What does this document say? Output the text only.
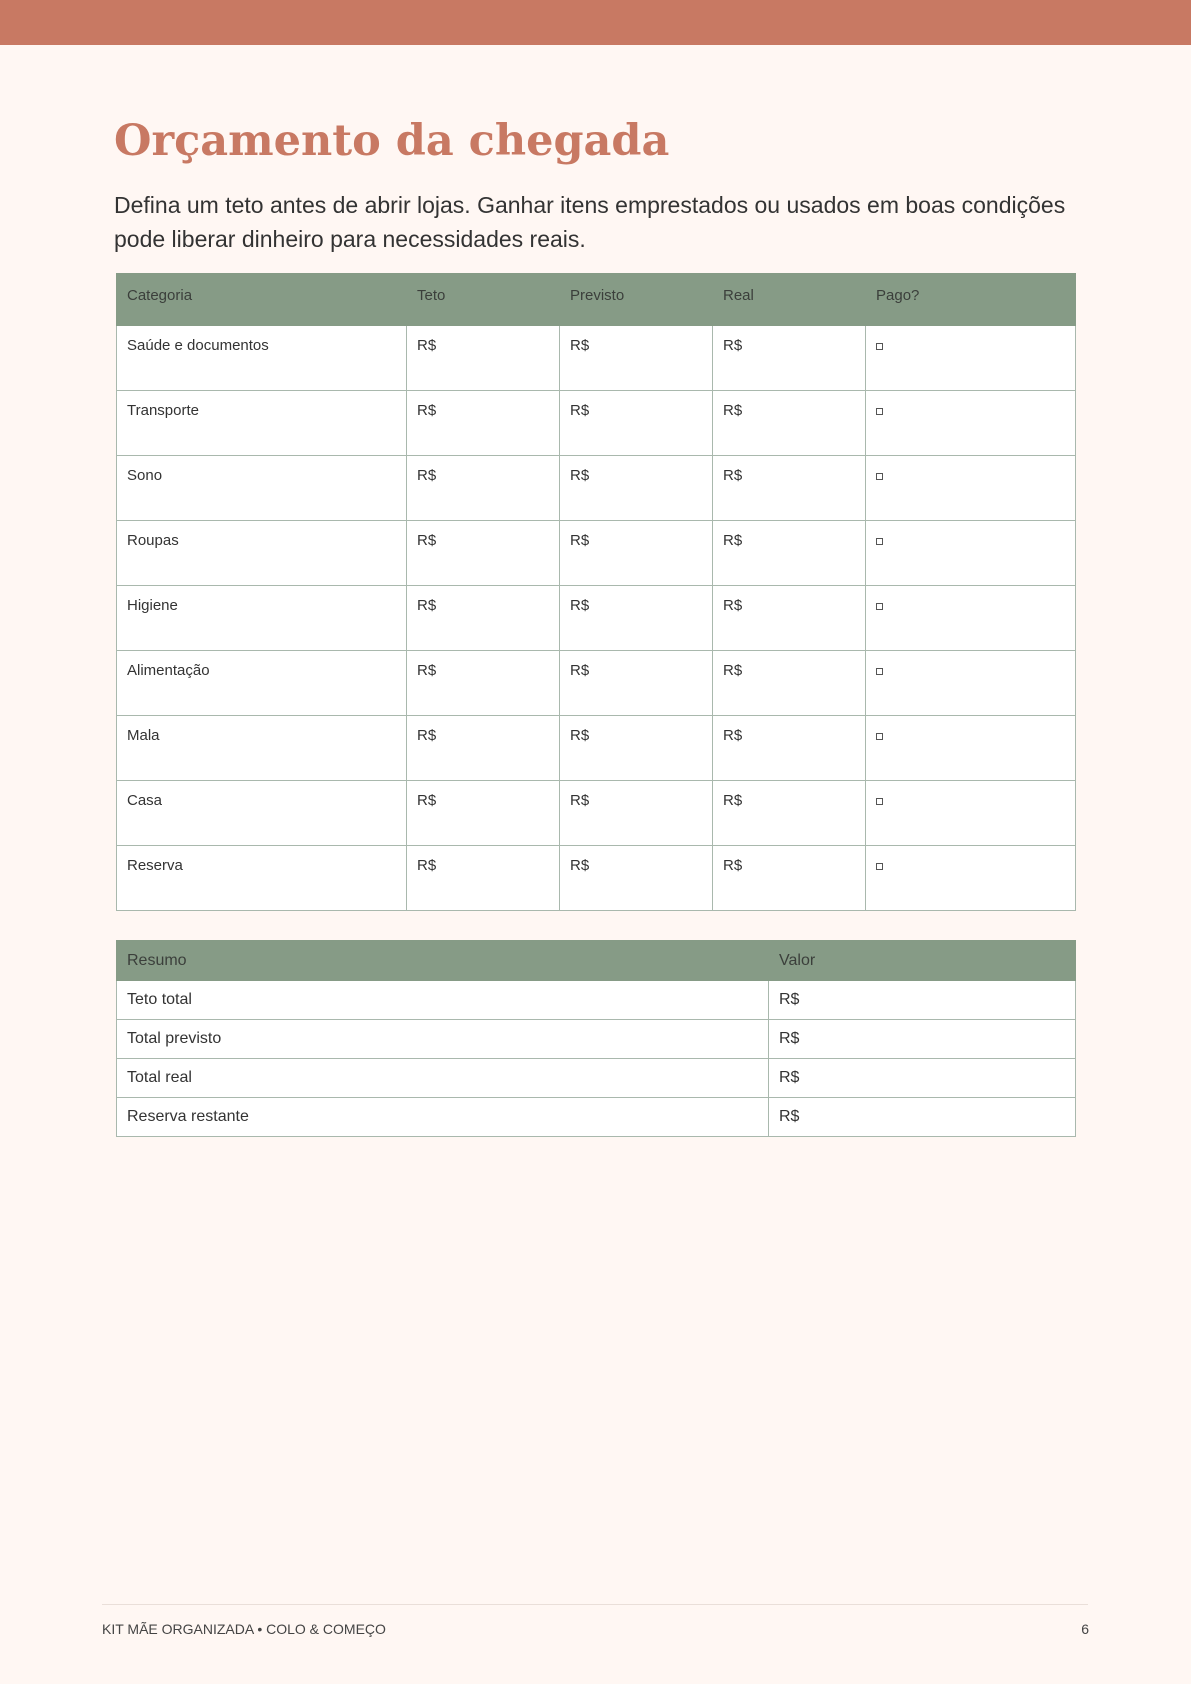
Orçamento da chegada

Defina um teto antes de abrir lojas. Ganhar itens emprestados ou usados em boas condições pode liberar dinheiro para necessidades reais.

Categoria	Teto	Previsto	Real	Pago?
Saúde e documentos	R$	R$	R$	
Transporte	R$	R$	R$	
Sono	R$	R$	R$	
Roupas	R$	R$	R$	
Higiene	R$	R$	R$	
Alimentação	R$	R$	R$	
Mala	R$	R$	R$	
Casa	R$	R$	R$	
Reserva	R$	R$	R$	
Resumo	Valor
Teto total	R$
Total previsto	R$
Total real	R$
Reserva restante	R$
KIT MÃE ORGANIZADA • COLO & COMEÇO	6
